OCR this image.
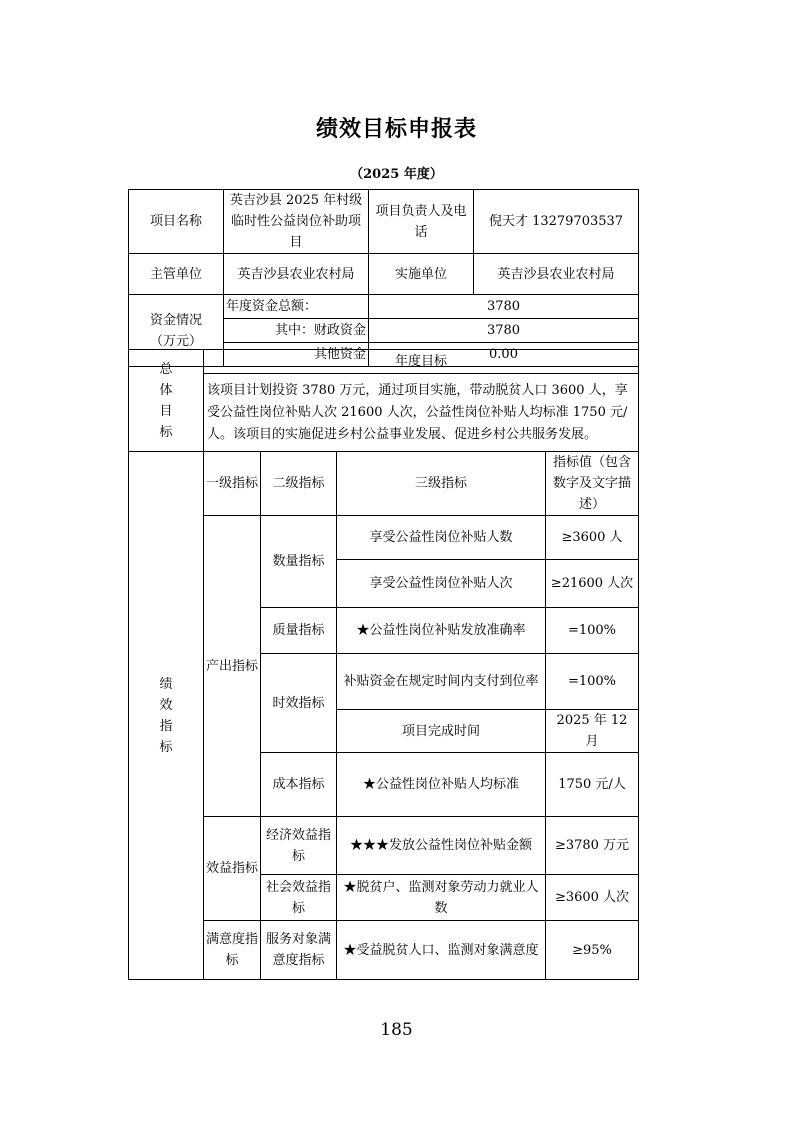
绩效目标申报表
（2025 年度）
项目名称	英吉沙县 2025 年村级临时性公益岗位补助项目	项目负责人及电话	倪天才 13279703537
主管单位	英吉沙县农业农村局	实施单位	英吉沙县农业农村局
资金情况（万元）	年度资金总额：	3780	
	其中：财政资金	3780	
	其他资金	0.00	
总体目标	年度目标
该项目计划投资 3780 万元，通过项目实施，带动脱贫人口 3600 人，享受公益性岗位补贴人次 21600 人次，公益性岗位补贴人均标准 1750 元/人。该项目的实施促进乡村公益事业发展、促进乡村公共服务发展。
绩效指标	一级指标	二级指标	三级指标	指标值（包含数字及文字描述）
	产出指标	数量指标	享受公益性岗位补贴人数	≥3600 人
			享受公益性岗位补贴人次	≥21600 人次
		质量指标	★公益性岗位补贴发放准确率	=100%
		时效指标	补贴资金在规定时间内支付到位率	=100%
			项目完成时间	2025 年 12 月
		成本指标	★公益性岗位补贴人均标准	1750 元/人
	效益指标	经济效益指标	★★★发放公益性岗位补贴金额	≥3780 万元
		社会效益指标	★脱贫户、监测对象劳动力就业人数	≥3600 人次
	满意度指标	服务对象满意度指标	★受益脱贫人口、监测对象满意度	≥95%
185
